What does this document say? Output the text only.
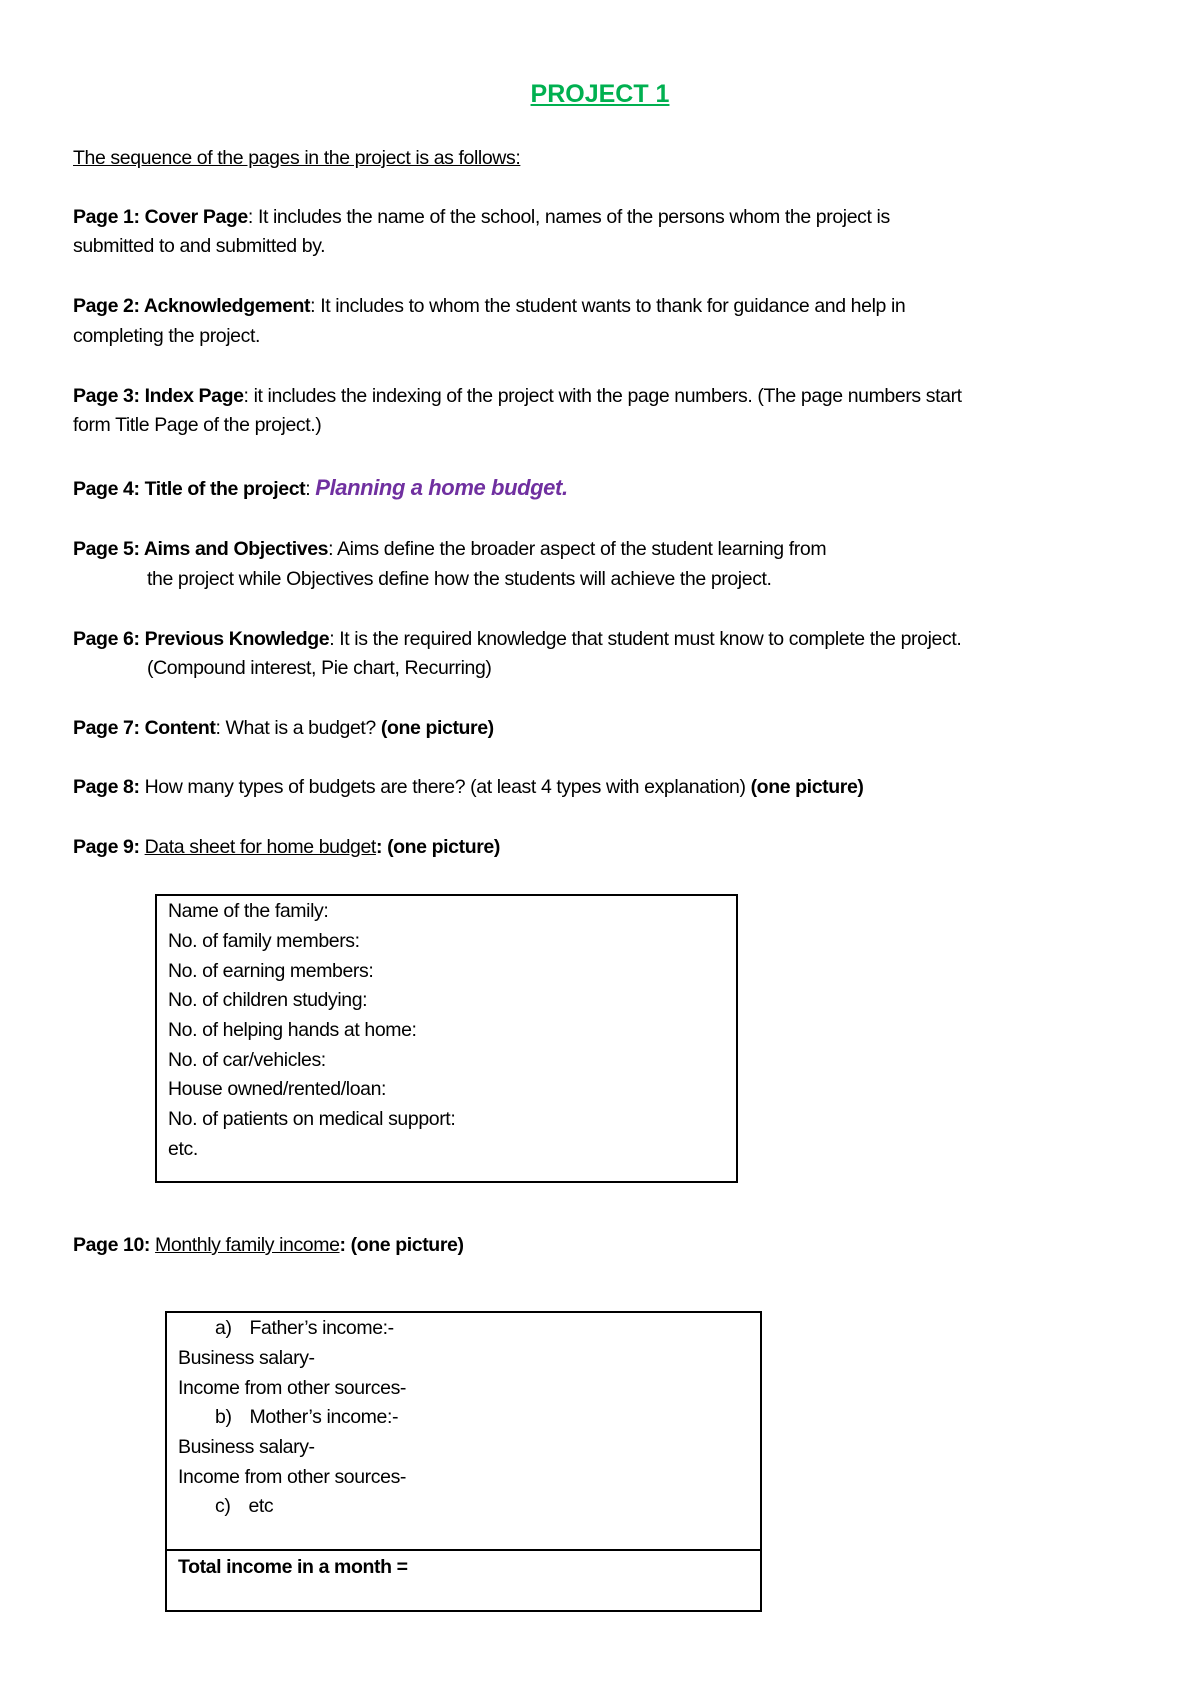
PROJECT 1
The sequence of the pages in the project is as follows:
Page 1: Cover Page: It includes the name of the school, names of the persons whom the project is
submitted to and submitted by.
Page 2: Acknowledgement: It includes to whom the student wants to thank for guidance and help in
completing the project.
Page 3: Index Page: it includes the indexing of the project with the page numbers. (The page numbers start
form Title Page of the project.)
Page 4: Title of the project: Planning a home budget.
Page 5: Aims and Objectives: Aims define the broader aspect of the student learning from
the project while Objectives define how the students will achieve the project.
Page 6: Previous Knowledge: It is the required knowledge that student must know to complete the project.
(Compound interest, Pie chart, Recurring)
Page 7: Content: What is a budget? (one picture)
Page 8: How many types of budgets are there? (at least 4 types with explanation) (one picture)
Page 9: Data sheet for home budget: (one picture)
Name of the family:
No. of family members:
No. of earning members:
No. of children studying:
No. of helping hands at home:
No. of car/vehicles:
House owned/rented/loan:
No. of patients on medical support:
etc.
Page 10: Monthly family income: (one picture)
a) Father’s income:-
Business salary-
Income from other sources-
b) Mother’s income:-
Business salary-
Income from other sources-
c) etc
Total income in a month =
